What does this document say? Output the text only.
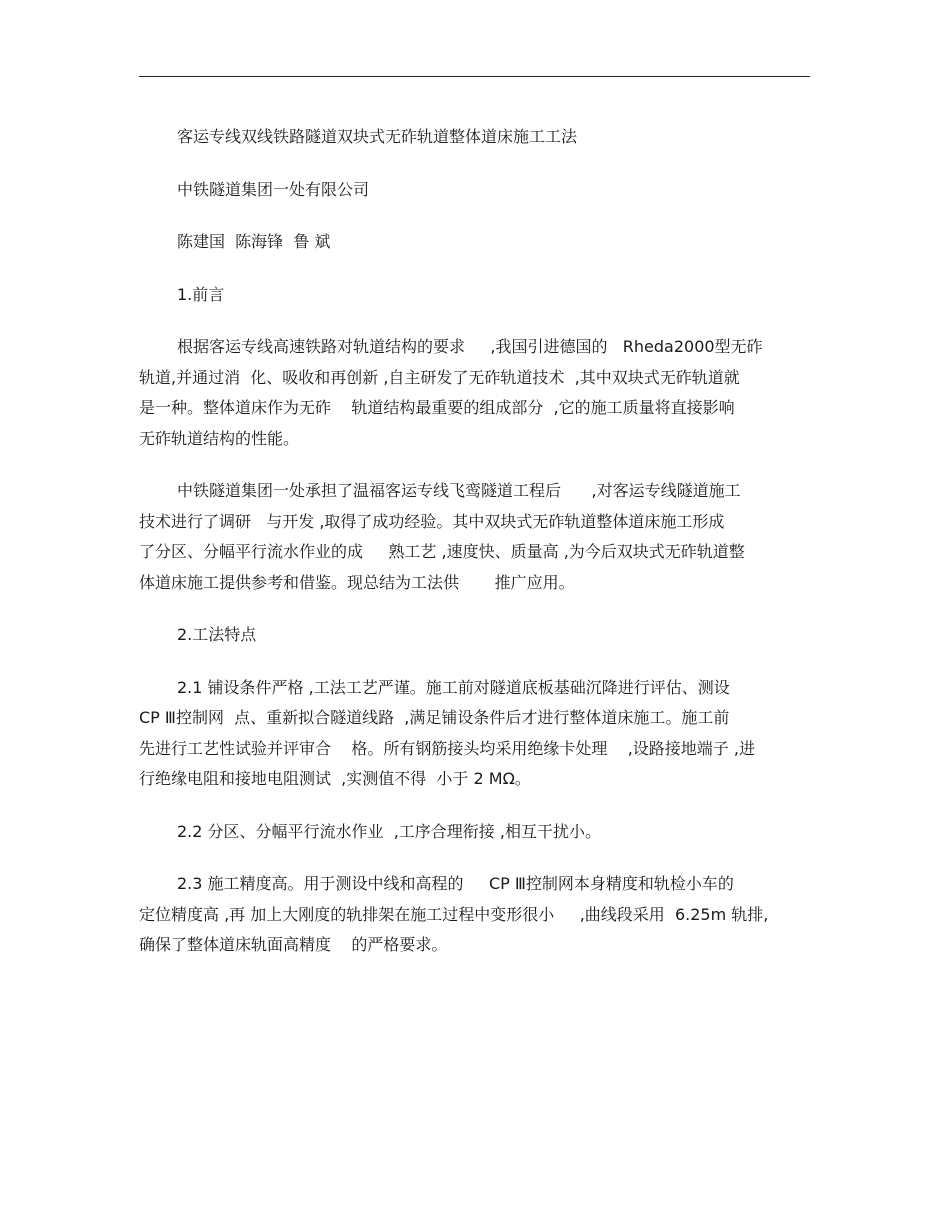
客运专线双线铁路隧道双块式无砟轨道整体道床施工工法
中铁隧道集团一处有限公司
陈建国  陈海锋  鲁 斌
1.前言
根据客运专线高速铁路对轨道结构的要求     ,我国引进德国的   Rheda2000型无砟
轨道,并通过消  化、吸收和再创新 ,自主研发了无砟轨道技术  ,其中双块式无砟轨道就
是一种。整体道床作为无砟    轨道结构最重要的组成部分  ,它的施工质量将直接影响
无砟轨道结构的性能。
中铁隧道集团一处承担了温福客运专线飞鸾隧道工程后      ,对客运专线隧道施工
技术进行了调研   与开发 ,取得了成功经验。其中双块式无砟轨道整体道床施工形成
了分区、分幅平行流水作业的成     熟工艺 ,速度快、质量高 ,为今后双块式无砟轨道整
体道床施工提供参考和借鉴。现总结为工法供       推广应用。
2.工法特点
2.1 铺设条件严格 ,工法工艺严谨。施工前对隧道底板基础沉降进行评估、测设
CP Ⅲ控制网  点、重新拟合隧道线路  ,满足铺设条件后才进行整体道床施工。施工前
先进行工艺性试验并评审合    格。所有钢筋接头均采用绝缘卡处理    ,设路接地端子 ,进
行绝缘电阻和接地电阻测试  ,实测值不得  小于 2 MΩ。
2.2 分区、分幅平行流水作业  ,工序合理衔接 ,相互干扰小。
2.3 施工精度高。用于测设中线和高程的     CP Ⅲ控制网本身精度和轨检小车的
定位精度高 ,再 加上大刚度的轨排架在施工过程中变形很小     ,曲线段采用  6.25m 轨排,
确保了整体道床轨面高精度    的严格要求。
